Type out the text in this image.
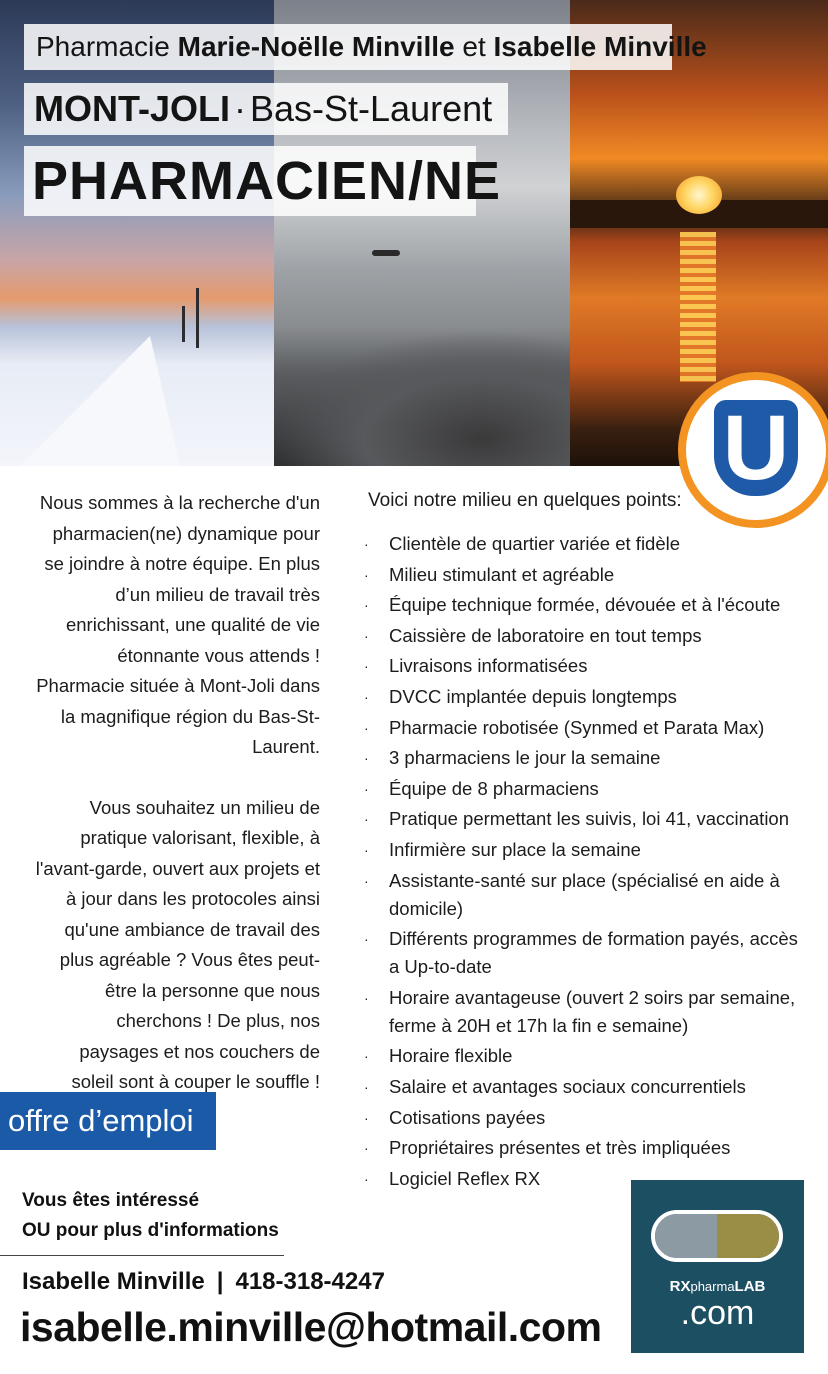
Pharmacie Marie-Noëlle Minville et Isabelle Minville
MONT-JOLI · Bas-St-Laurent
PHARMACIEN/NE
U

Nous sommes à la recherche d'un pharmacien(ne) dynamique pour se joindre à notre équipe. En plus d’un milieu de travail très enrichissant, une qualité de vie étonnante vous attends ! Pharmacie située à Mont-Joli dans la magnifique région du Bas-St-Laurent.

Vous souhaitez un milieu de pratique valorisant, flexible, à l'avant-garde, ouvert aux projets et à jour dans les protocoles ainsi qu'une ambiance de travail des plus agréable ? Vous êtes peut-être la personne que nous cherchons ! De plus, nos paysages et nos couchers de soleil sont à couper le souffle !

offre d’emploi
Vous êtes intéressé
OU pour plus d'informations
Isabelle Minville | 418-318-4247
isabelle.minville@hotmail.com
Voici notre milieu en quelques points:
· Clientèle de quartier variée et fidèle
· Milieu stimulant et agréable
· Équipe technique formée, dévouée et à l'écoute
· Caissière de laboratoire en tout temps
· Livraisons informatisées
· DVCC implantée depuis longtemps
· Pharmacie robotisée (Synmed et Parata Max)
· 3 pharmaciens le jour la semaine
· Équipe de 8 pharmaciens
· Pratique permettant les suivis, loi 41, vaccination
· Infirmière sur place la semaine
· Assistante-santé sur place (spécialisé en aide à domicile)
· Différents programmes de formation payés, accès a Up-to-date
· Horaire avantageuse (ouvert 2 soirs par semaine, ferme à 20H et 17h la fin e semaine)
· Horaire flexible
· Salaire et avantages sociaux concurrentiels
· Cotisations payées
· Propriétaires présentes et très impliquées
· Logiciel Reflex RX
RXpharmaLAB
.com
